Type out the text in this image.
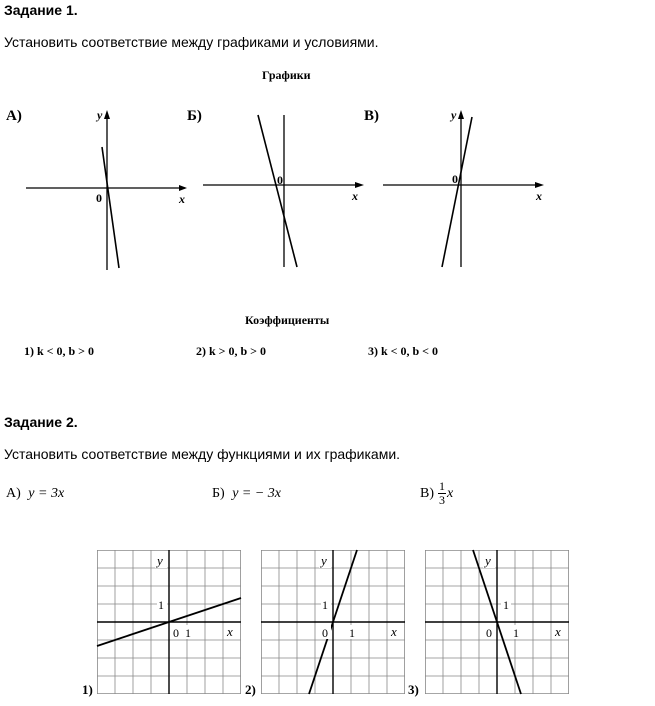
Задание 1.
Установить соответствие между графиками и условиями.
Графики
А)	Б)	В)
y
x
0
0
x
y
x
0
Коэффициенты
1) k < 0, b > 0	2) k > 0, b > 0	3) k < 0, b < 0
Задание 2.
Установить соответствие между функциями и их графиками.
А) y = 3x	Б) y = − 3x	В) 1
3 x
1)
y
1
0 1	x
2)
y
1
0 1	x
3)
y
1
0 1	x
